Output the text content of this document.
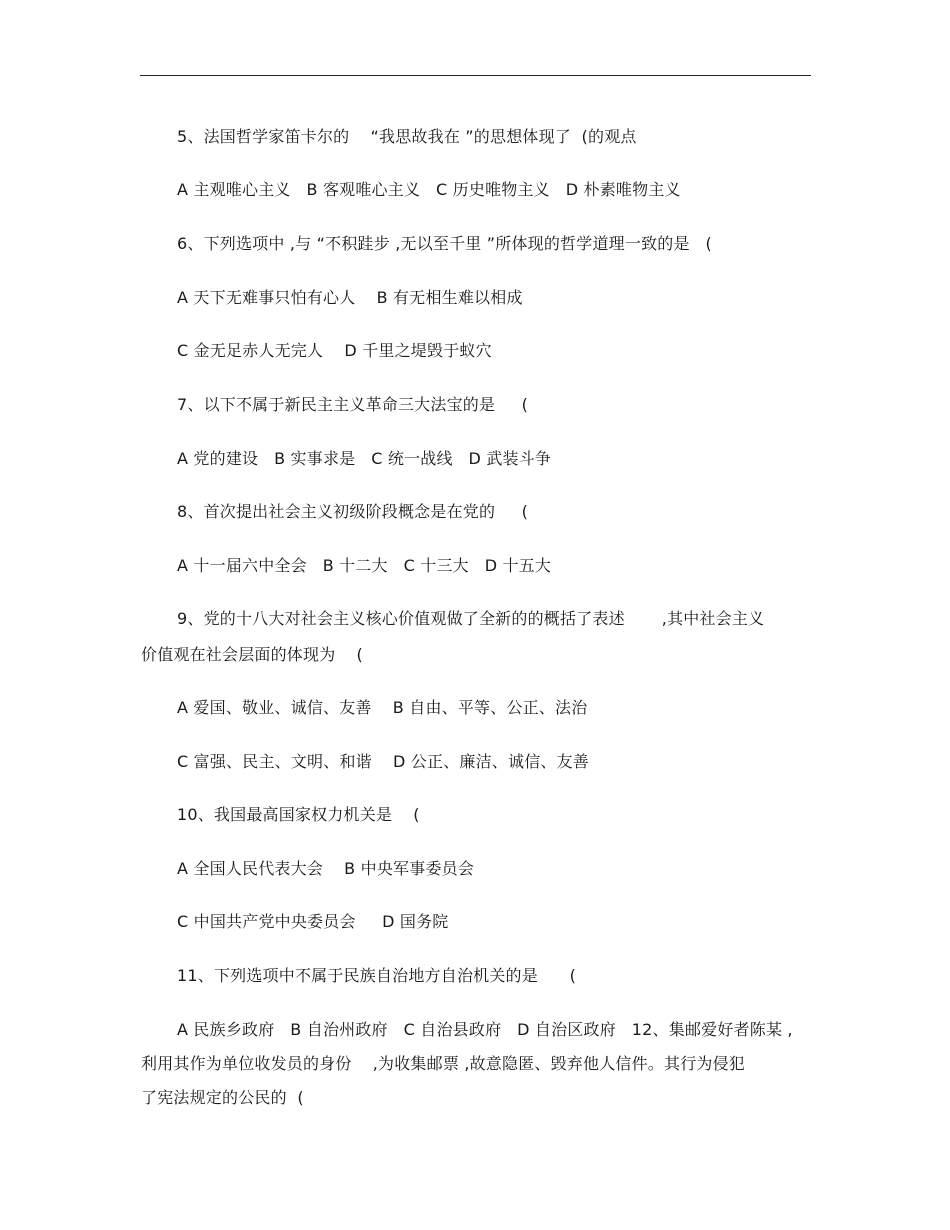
5、法国哲学家笛卡尔的    “我思故我在 ”的思想体现了  (的观点
A 主观唯心主义   B 客观唯心主义   C 历史唯物主义   D 朴素唯物主义
6、下列选项中 ,与 “不积跬步 ,无以至千里 ”所体现的哲学道理一致的是   (
A 天下无难事只怕有心人    B 有无相生难以相成
C 金无足赤人无完人    D 千里之堤毁于蚁穴
7、以下不属于新民主主义革命三大法宝的是     (
A 党的建设   B 实事求是   C 统一战线   D 武装斗争
8、首次提出社会主义初级阶段概念是在党的     (
A 十一届六中全会   B 十二大   C 十三大   D 十五大
9、党的十八大对社会主义核心价值观做了全新的的概括了表述       ,其中社会主义
价值观在社会层面的体现为    (
A 爱国、敬业、诚信、友善    B 自由、平等、公正、法治
C 富强、民主、文明、和谐    D 公正、廉洁、诚信、友善
10、我国最高国家权力机关是    (
A 全国人民代表大会    B 中央军事委员会
C 中国共产党中央委员会     D 国务院
11、下列选项中不属于民族自治地方自治机关的是      (
A 民族乡政府   B 自治州政府   C 自治县政府   D 自治区政府   12、集邮爱好者陈某 ,
利用其作为单位收发员的身份    ,为收集邮票 ,故意隐匿、毁弃他人信件。其行为侵犯
了宪法规定的公民的  (
